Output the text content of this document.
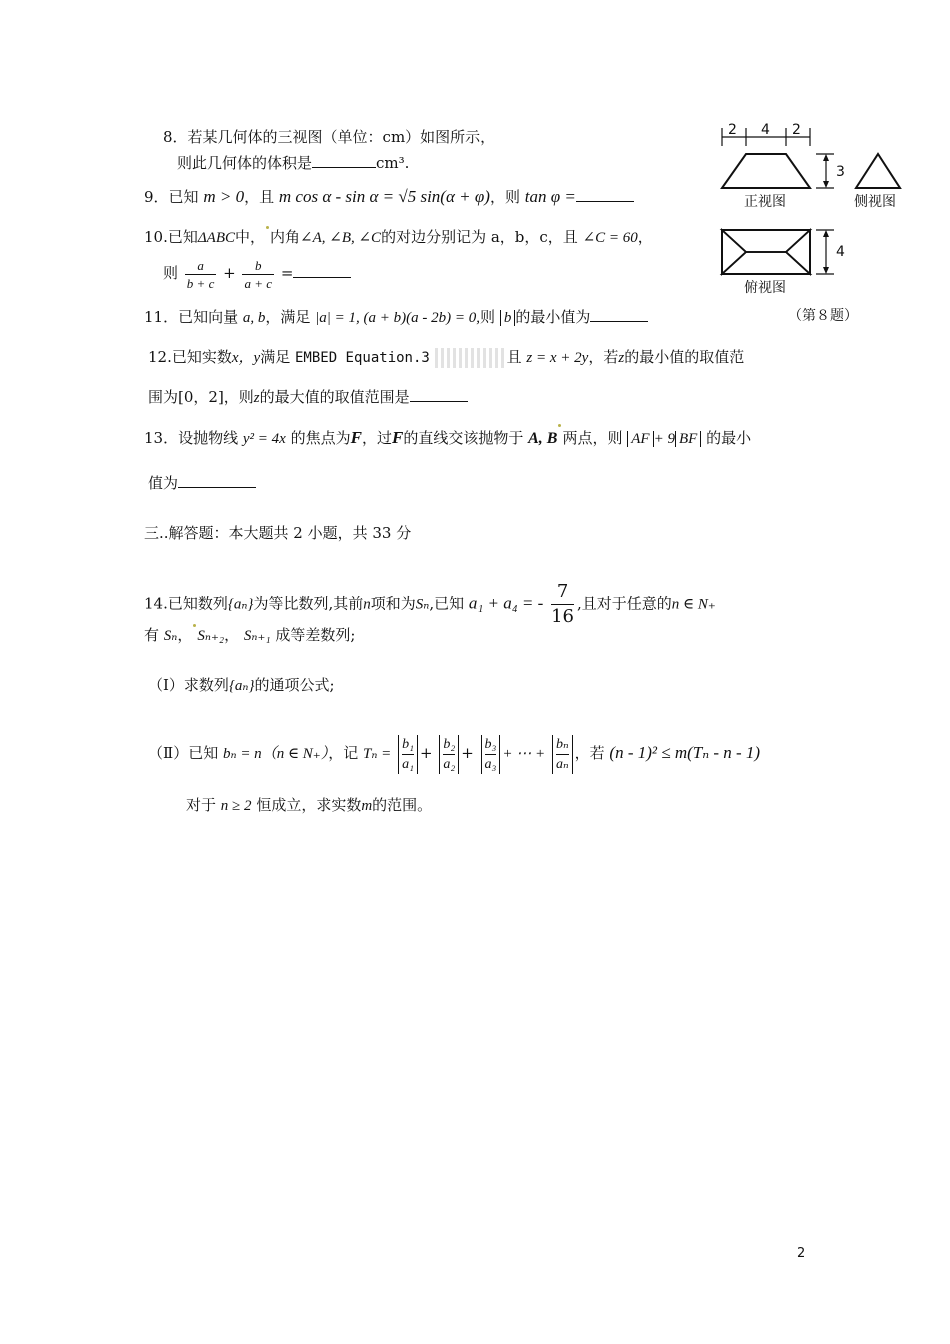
8．若某几何体的三视图（单位：cm）如图所示，
则此几何体的体积是	cm³.
2 4 2
3
正视图	侧视图
4
俯视图
（第８题）
9．已知 m > 0，且 m cos α - sin α = √5 sin(α + φ)，则 tan φ =
10.已知ΔABC中， 内角∠A, ∠B, ∠C的对边分别记为 a，b，c，且 ∠C = 60，
则 $\frac{a}{b + c} + \frac{b}{a + c}$ =
11．已知向量 a, b，满足 |a| = 1, (a + b)(a - 2b) = 0,则 b 的最小值为
12.已知实数x，y满足 EMBED Equation.3	且 z = x + 2y，若z的最小值的取值范
围为[0，2]，则z的最大值的取值范围是
13．设抛物线 y² = 4x 的焦点为F，过F的直线交该抛物于 A, B 两点，则 AF + 9 BF 的最小
值为
三..解答题：本大题共 2 小题，共 33 分
14.已知数列{aₙ}为等比数列,其前n项和为Sₙ,已知 a₁ + a₄ = - $\frac{7}{16}$ ,且对于任意的n ∈ N₊
有 Sₙ， Sₙ₊₂， Sₙ₊₁ 成等差数列;
（Ⅰ）求数列{aₙ}的通项公式;
（Ⅱ）已知 bₙ = n（n ∈ N₊），记 $T_n = \frac{\text{b₁}}{\text{a₁}} + \frac{\text{b₂}}{\text{a₂}} + \frac{\text{b₃}}{\text{a₃}}$ + ⋯ + $\frac{\text{bₙ}}{\text{aₙ}}$ ，若 (n - 1)² ≤ m(Tₙ - n - 1)
对于 n ≥ 2 恒成立，求实数m的范围。
2
